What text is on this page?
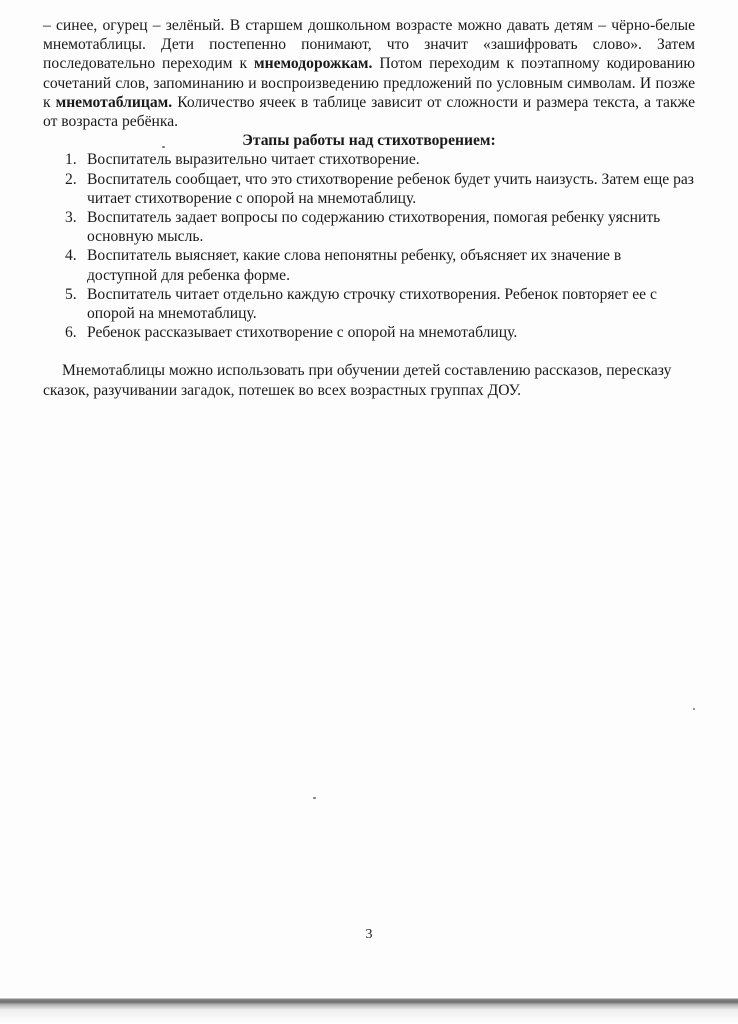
– синее, огурец – зелёный. В старшем дошкольном возрасте можно давать детям – чёрно-белые мнемотаблицы. Дети постепенно понимают, что значит «зашифровать слово». Затем последовательно переходим к мнемодорожкам. Потом переходим к поэтапному кодированию сочетаний слов, запоминанию и воспроизведению предложений по условным символам. И позже к мнемотаблицам. Количество ячеек в таблице зависит от сложности и размера текста, а также от возраста ребёнка.

Этапы работы над стихотворением:

1. Воспитатель выразительно читает стихотворение.
2. Воспитатель сообщает, что это стихотворение ребенок будет учить наизусть. Затем еще раз читает стихотворение с опорой на мнемотаблицу.
3. Воспитатель задает вопросы по содержанию стихотворения, помогая ребенку уяснить основную мысль.
4. Воспитатель выясняет, какие слова непонятны ребенку, объясняет их значение в доступной для ребенка форме.
5. Воспитатель читает отдельно каждую строчку стихотворения. Ребенок повторяет ее с опорой на мнемотаблицу.
6. Ребенок рассказывает стихотворение с опорой на мнемотаблицу.

Мнемотаблицы можно использовать при обучении детей составлению рассказов, пересказу сказок, разучивании загадок, потешек во всех возрастных группах ДОУ.

3
